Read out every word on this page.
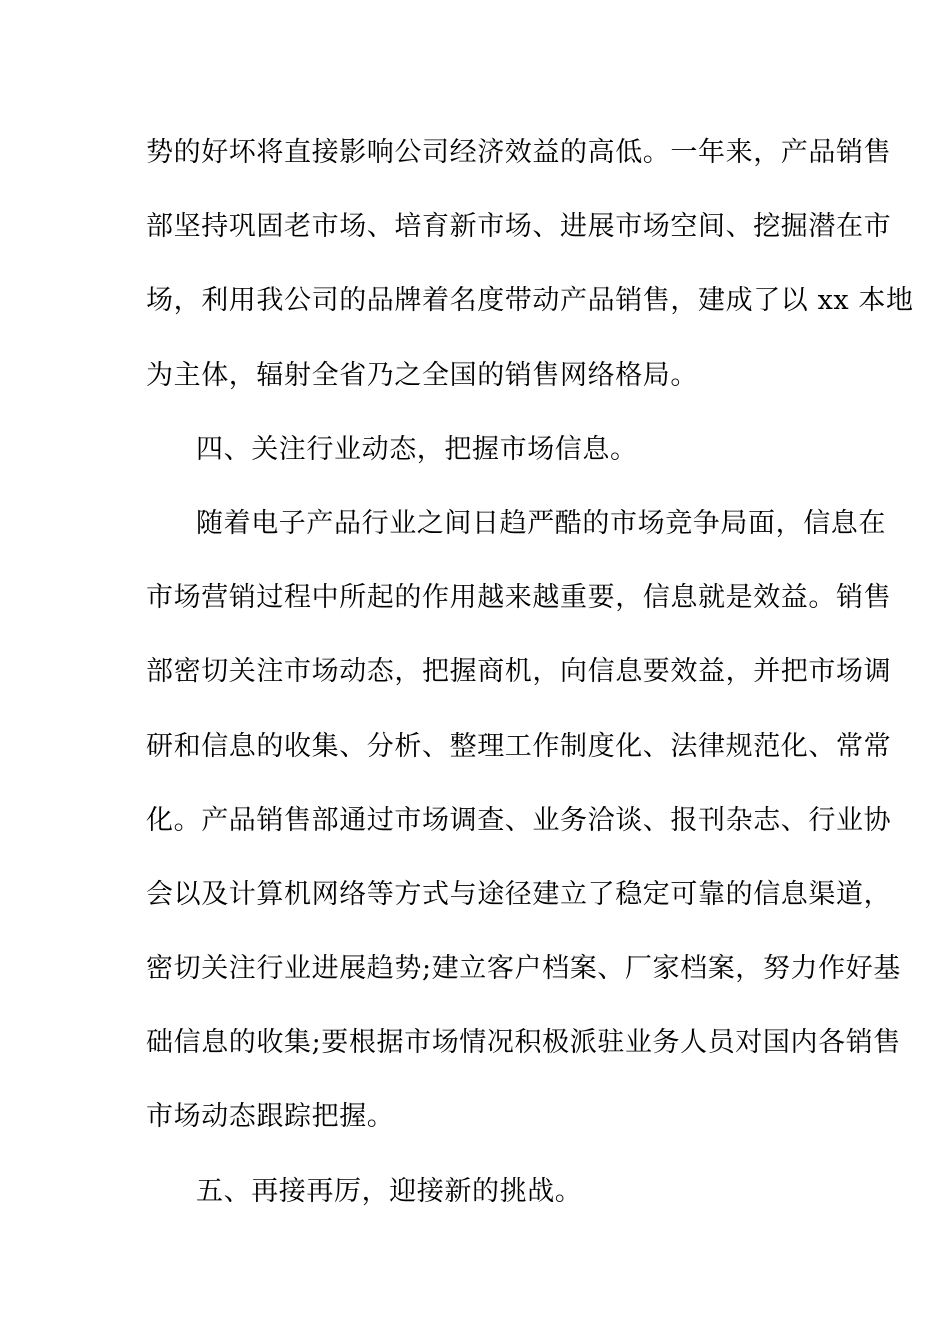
势的好坏将直接影响公司经济效益的高低。一年来，产品销售
部坚持巩固老市场、培育新市场、进展市场空间、挖掘潜在市
场，利用我公司的品牌着名度带动产品销售，建成了以 xx 本地
为主体，辐射全省乃之全国的销售网络格局。
四、关注行业动态，把握市场信息。
随着电子产品行业之间日趋严酷的市场竞争局面，信息在
市场营销过程中所起的作用越来越重要，信息就是效益。销售
部密切关注市场动态，把握商机，向信息要效益，并把市场调
研和信息的收集、分析、整理工作制度化、法律规范化、常常
化。产品销售部通过市场调查、业务洽谈、报刊杂志、行业协
会以及计算机网络等方式与途径建立了稳定可靠的信息渠道，
密切关注行业进展趋势;建立客户档案、厂家档案，努力作好基
础信息的收集;要根据市场情况积极派驻业务人员对国内各销售
市场动态跟踪把握。
五、再接再厉，迎接新的挑战。
